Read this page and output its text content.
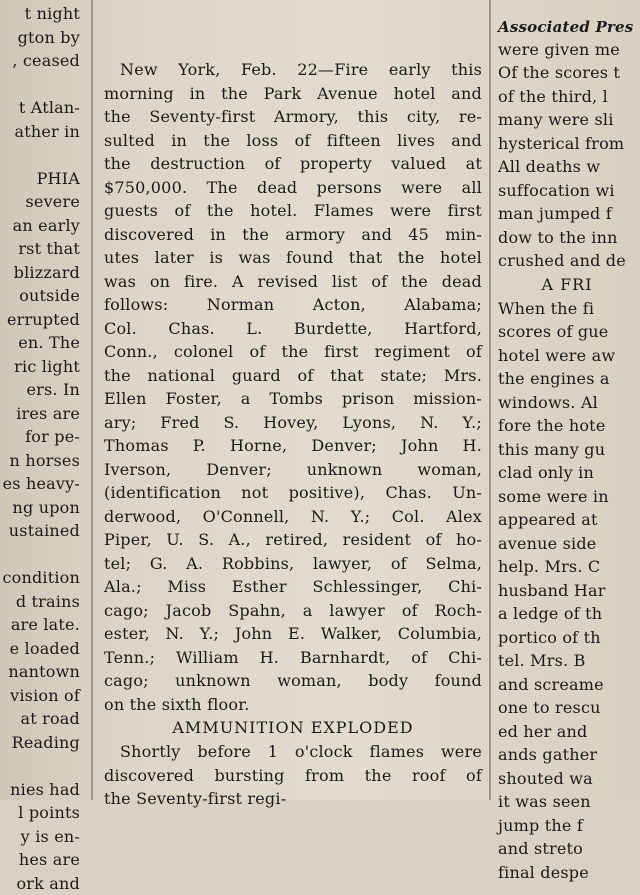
t night
gton by
, ceased

t Atlan-
ather in

PHIA
severe
an early
rst that
blizzard
outside
errupted
en. The
ric light
ers. In
ires are
for pe-
n horses
es heavy-
ng upon
ustained

condition
d trains
are late.
e loaded
nantown
vision of
at road
Reading

nies had
l points
y is en-
hes are
ork and
New York, Feb. 22—Fire early this
morning in the Park Avenue hotel and
the Seventy-first Armory, this city, re-
sulted in the loss of fifteen lives and
the destruction of property valued at
$750,000. The dead persons were all
guests of the hotel. Flames were first
discovered in the armory and 45 min-
utes later is was found that the hotel
was on fire. A revised list of the dead
follows: Norman Acton, Alabama;
Col. Chas. L. Burdette, Hartford,
Conn., colonel of the first regiment of
the national guard of that state; Mrs.
Ellen Foster, a Tombs prison mission-
ary; Fred S. Hovey, Lyons, N. Y.;
Thomas P. Horne, Denver; John H.
Iverson, Denver; unknown woman,
(identification not positive), Chas. Un-
derwood, O'Connell, N. Y.; Col. Alex
Piper, U. S. A., retired, resident of ho-
tel; G. A. Robbins, lawyer, of Selma,
Ala.; Miss Esther Schlessinger, Chi-
cago; Jacob Spahn, a lawyer of Roch-
ester, N. Y.; John E. Walker, Columbia,
Tenn.; William H. Barnhardt, of Chi-
cago; unknown woman, body found
on the sixth floor.
AMMUNITION EXPLODED
Shortly before 1 o'clock flames were
discovered bursting from the roof of
the Seventy-first regi-
Associated Pres
were given me
Of the scores t
of the third, l
many were sli
hysterical from
All deaths w
suffocation wi
man jumped f
dow to the inn
crushed and de
A FRI
When the fi
scores of gue
hotel were aw
the engines a
windows. Al
fore the hote
this many gu
clad only in
some were in
appeared at
avenue side
help. Mrs. C
husband Har
a ledge of th
portico of th
tel. Mrs. B
and screame
one to rescu
ed her and
ands gather
shouted wa
it was seen
jump the f
and streto
final despe
